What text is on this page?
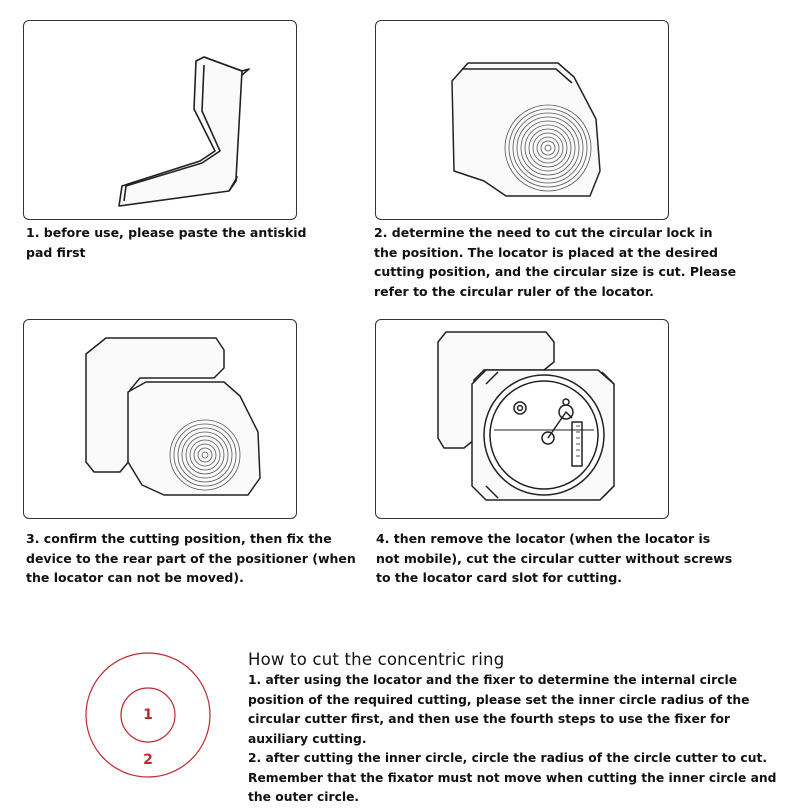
1. before use, please paste the antiskid pad first
2. determine the need to cut the circular lock in the position. The locator is placed at the desired cutting position, and the circular size is cut. Please refer to the circular ruler of the locator.
3. confirm the cutting position, then fix the device to the rear part of the positioner (when the locator can not be moved).
4. then remove the locator (when the locator is not mobile), cut the circular cutter without screws to the locator card slot for cutting.
1
2
How to cut the concentric ring

1. after using the locator and the fixer to determine the internal circle position of the required cutting, please set the inner circle radius of the circular cutter first, and then use the fourth steps to use the fixer for auxiliary cutting.

2. after cutting the inner circle, circle the radius of the circle cutter to cut. Remember that the fixator must not move when cutting the inner circle and the outer circle.
